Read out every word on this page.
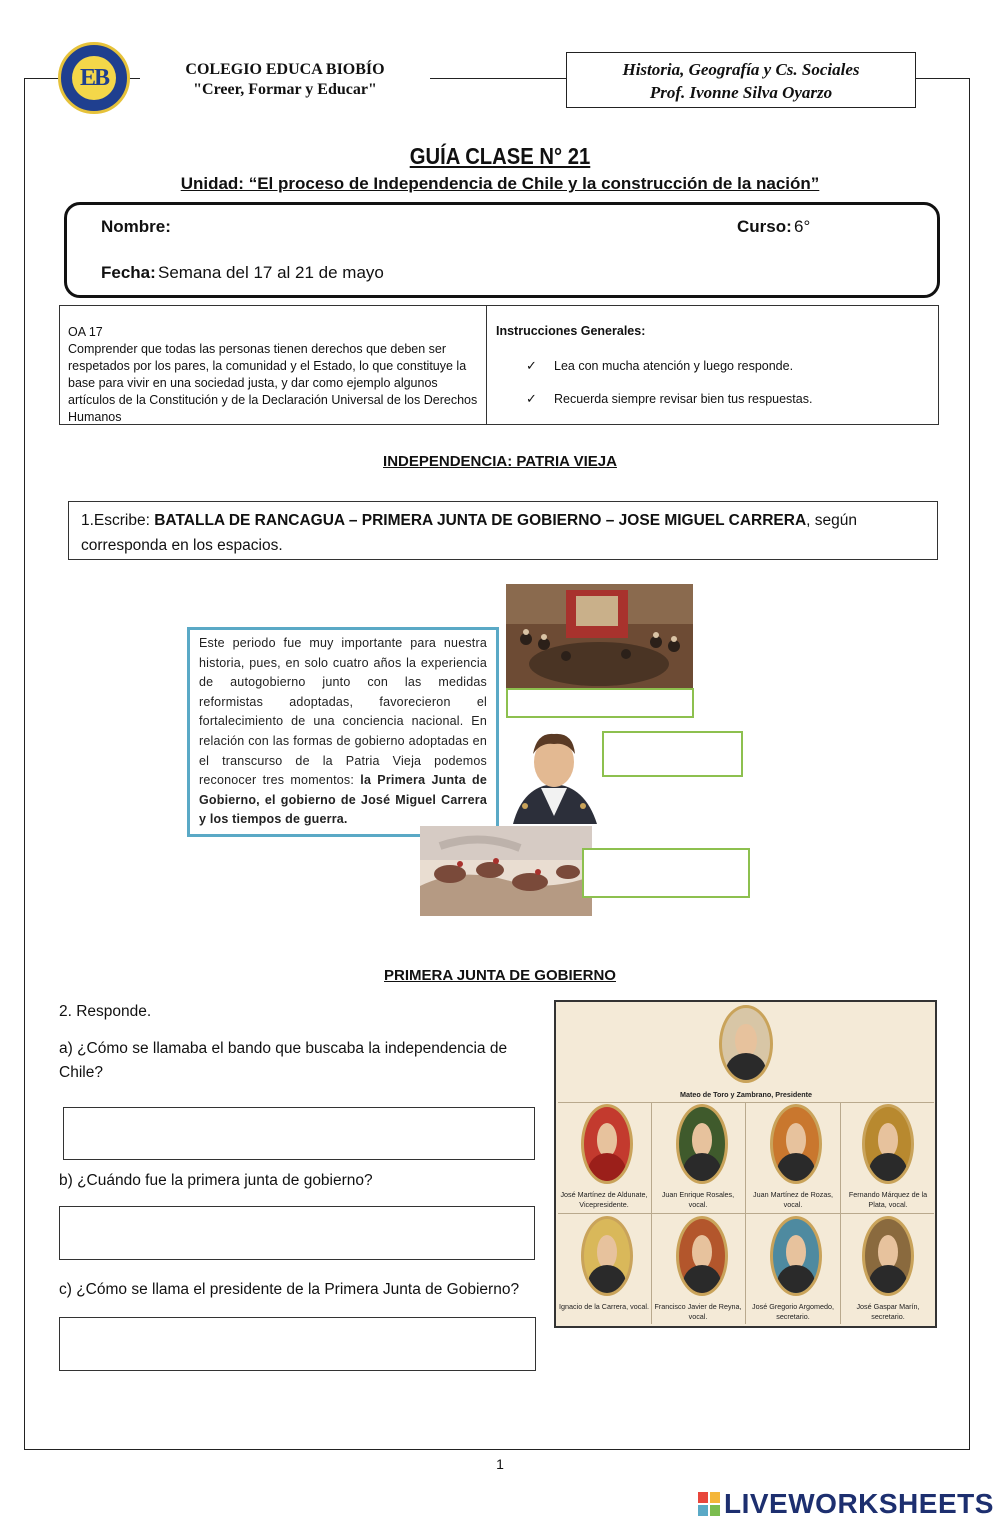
EB	COLEGIO EDUCA BIOBÍO
"Creer, Formar y Educar"
Historia, Geografía y Cs. Sociales
Prof. Ivonne Silva Oyarzo
GUÍA CLASE N° 21
Unidad: “El proceso de Independencia de Chile y la construcción de la nación”
Nombre:	Curso: 6°
Fecha: Semana del 17 al 21 de mayo
OA 17
Comprender que todas las personas tienen derechos que deben ser respetados por los pares, la comunidad y el Estado, lo que constituye la base para vivir en una sociedad justa, y dar como ejemplo algunos artículos de la Constitución y de la Declaración Universal de los Derechos Humanos
Instrucciones Generales:
✓ Lea con mucha atención y luego responde.
✓ Recuerda siempre revisar bien tus respuestas.
INDEPENDENCIA: PATRIA VIEJA
1.Escribe: BATALLA DE RANCAGUA – PRIMERA JUNTA DE GOBIERNO – JOSE MIGUEL CARRERA, según corresponda en los espacios.
Este periodo fue muy importante para nuestra historia, pues, en solo cuatro años la experiencia de autogobierno junto con las medidas reformistas adoptadas, favorecieron el fortalecimiento de una conciencia nacional. En relación con las formas de gobierno adoptadas en el transcurso de la Patria Vieja podemos reconocer tres momentos: la Primera Junta de Gobierno, el gobierno de José Miguel Carrera y los tiempos de guerra.
PRIMERA JUNTA DE GOBIERNO
2. Responde.
a) ¿Cómo se llamaba el bando que buscaba la independencia de Chile?
b) ¿Cuándo fue la primera junta de gobierno?
c) ¿Cómo se llama el presidente de la Primera Junta de Gobierno?
Mateo de Toro y Zambrano, Presidente
José Martínez de Aldunate, Vicepresidente.
Juan Enrique Rosales, vocal.
Juan Martínez de Rozas, vocal.
Fernando Márquez de la Plata, vocal.
Ignacio de la Carrera, vocal. Francisco Javier de Reyna, vocal.
José Gregorio Argomedo, secretario.
José Gaspar Marín, secretario.
1
LIVEWORKSHEETS
